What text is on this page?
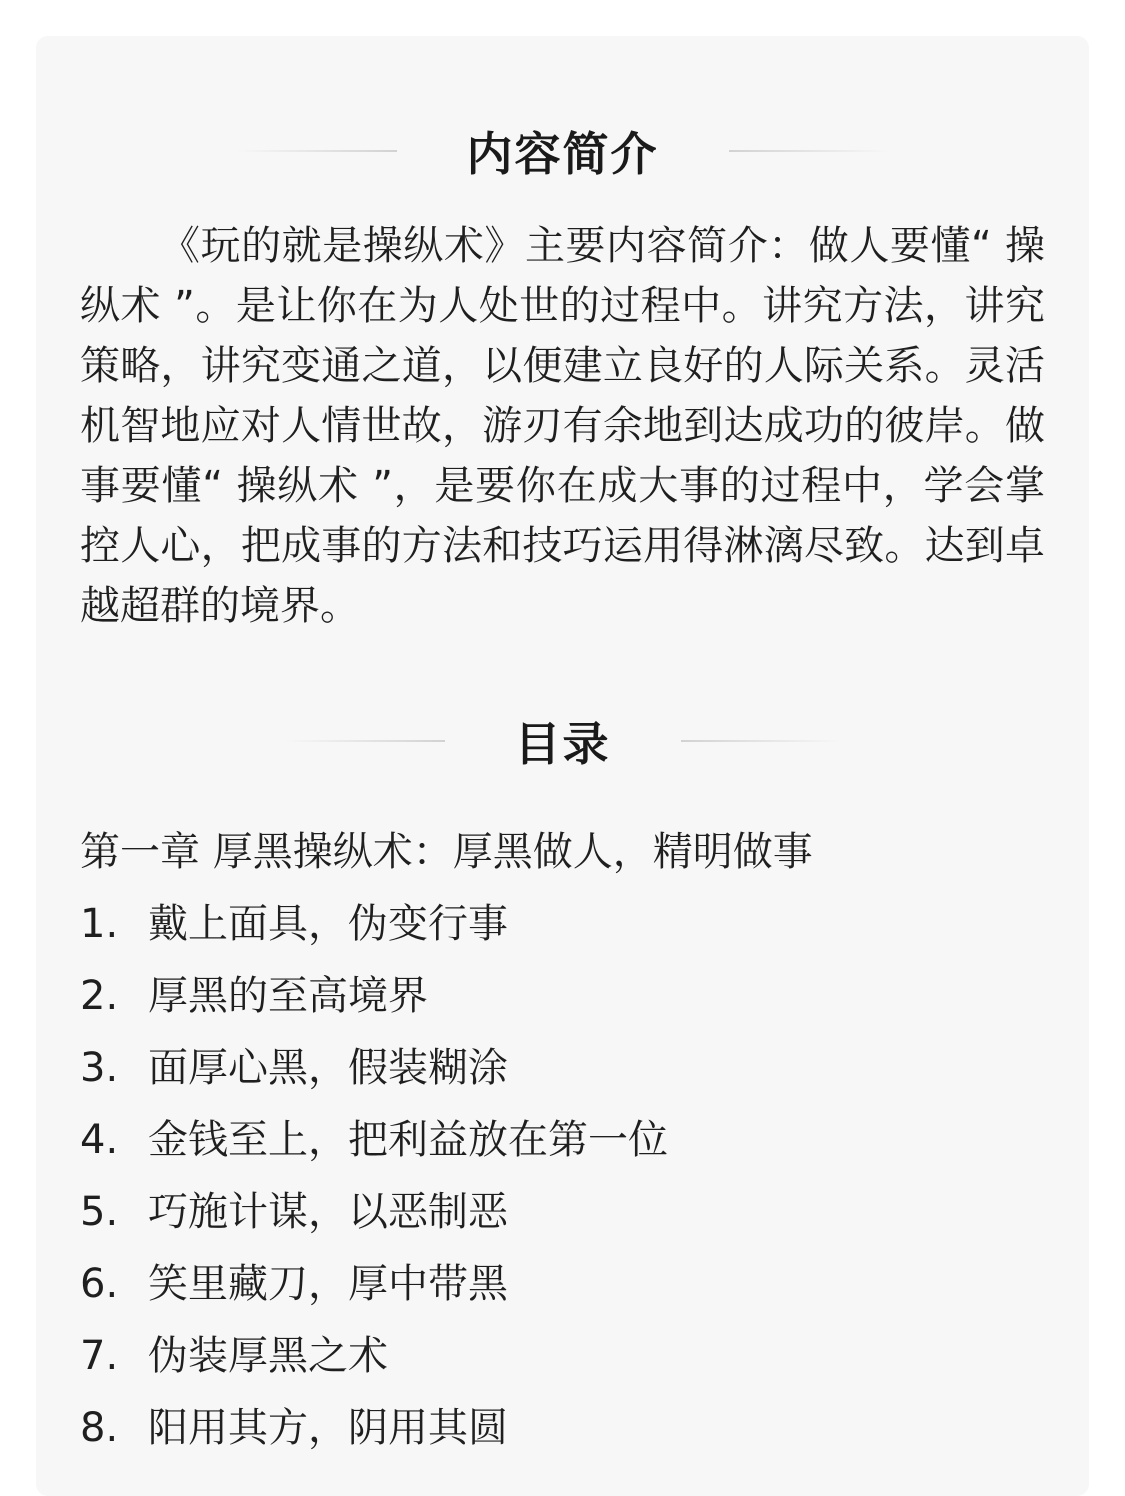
内容简介

《玩的就是操纵术》主要内容简介：做人要懂“ 操纵术 ”。是让你在为人处世的过程中。讲究方法，讲究策略，讲究变通之道，以便建立良好的人际关系。灵活机智地应对人情世故，游刃有余地到达成功的彼岸。做事要懂“ 操纵术 ”，是要你在成大事的过程中，学会掌控人心，把成事的方法和技巧运用得淋漓尽致。达到卓越超群的境界。

目录
第一章 厚黑操纵术：厚黑做人，精明做事
1. 戴上面具，伪变行事
2. 厚黑的至高境界
3. 面厚心黑，假装糊涂
4. 金钱至上，把利益放在第一位
5. 巧施计谋，以恶制恶
6. 笑里藏刀，厚中带黑
7. 伪装厚黑之术
8. 阳用其方，阴用其圆
